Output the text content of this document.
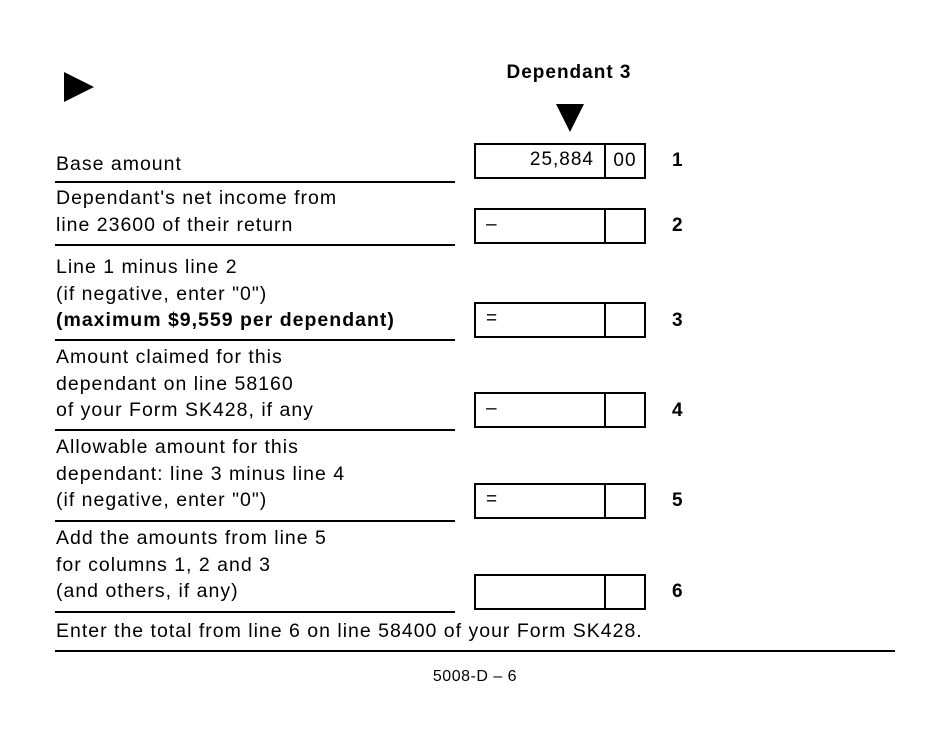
Dependant 3
Base amount	25,884	00	1
Dependant's net income from
line 23600 of their return	–	2
Line 1 minus line 2
(if negative, enter "0")
(maximum $9,559 per dependant)	=	3
Amount claimed for this
dependant on line 58160
of your Form SK428, if any	–	4
Allowable amount for this
dependant: line 3 minus line 4
(if negative, enter "0")	=	5
Add the amounts from line 5
for columns 1, 2 and 3
(and others, if any)	6
Enter the total from line 6 on line 58400 of your Form SK428.
5008-D – 6
